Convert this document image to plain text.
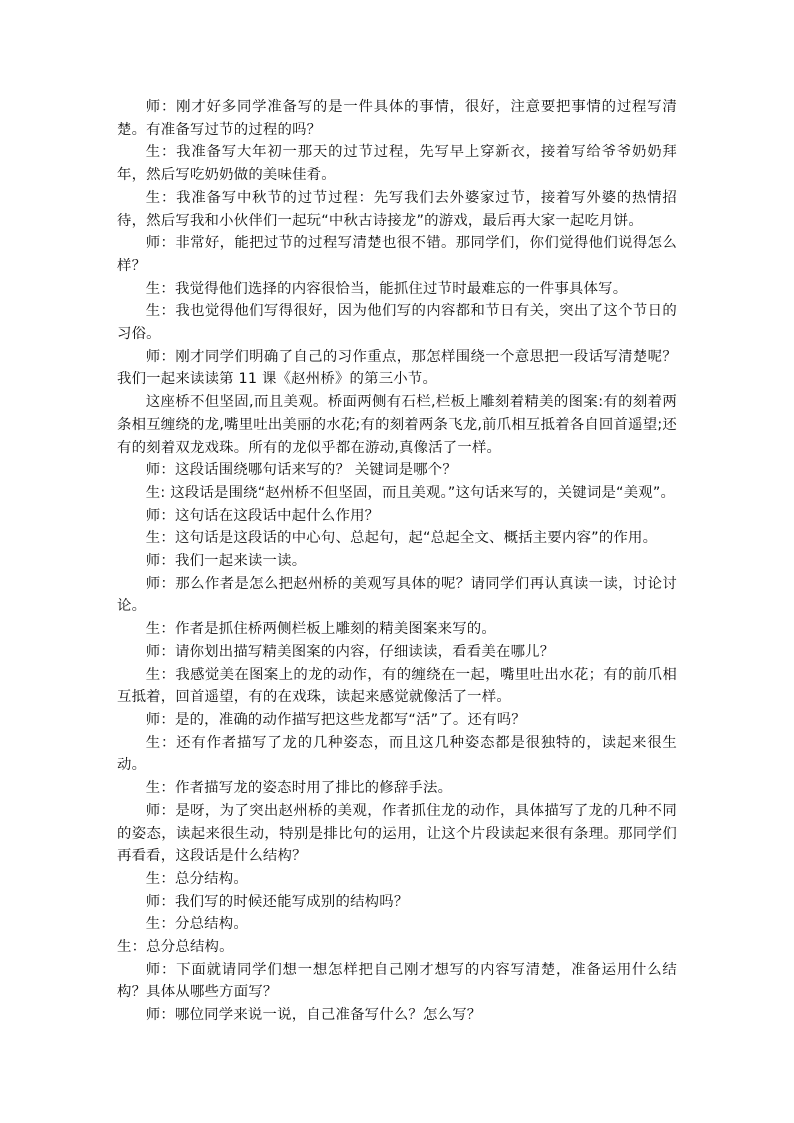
师：刚才好多同学准备写的是一件具体的事情，很好，注意要把事情的过程写清楚。有准备写过节的过程的吗？

生：我准备写大年初一那天的过节过程，先写早上穿新衣，接着写给爷爷奶奶拜年，然后写吃奶奶做的美味佳肴。

生：我准备写中秋节的过节过程：先写我们去外婆家过节，接着写外婆的热情招待，然后写我和小伙伴们一起玩“中秋古诗接龙”的游戏，最后再大家一起吃月饼。

师：非常好，能把过节的过程写清楚也很不错。那同学们，你们觉得他们说得怎么样？

生：我觉得他们选择的内容很恰当，能抓住过节时最难忘的一件事具体写。

生：我也觉得他们写得很好，因为他们写的内容都和节日有关，突出了这个节日的习俗。

师：刚才同学们明确了自己的习作重点，那怎样围绕一个意思把一段话写清楚呢？我们一起来读读第 11 课《赵州桥》的第三小节。

这座桥不但坚固,而且美观。桥面两侧有石栏,栏板上雕刻着精美的图案:有的刻着两条相互缠绕的龙,嘴里吐出美丽的水花;有的刻着两条飞龙,前爪相互抵着各自回首遥望;还有的刻着双龙戏珠。所有的龙似乎都在游动,真像活了一样。

师：这段话围绕哪句话来写的？ 关键词是哪个？

生: 这段话是围绕“赵州桥不但坚固，而且美观。”这句话来写的，关键词是“美观”。

师：这句话在这段话中起什么作用？

生：这句话是这段话的中心句、总起句，起“总起全文、概括主要内容”的作用。

师：我们一起来读一读。

师：那么作者是怎么把赵州桥的美观写具体的呢？请同学们再认真读一读，讨论讨论。

生：作者是抓住桥两侧栏板上雕刻的精美图案来写的。

师：请你划出描写精美图案的内容，仔细读读，看看美在哪儿？

生：我感觉美在图案上的龙的动作，有的缠绕在一起，嘴里吐出水花；有的前爪相互抵着，回首遥望，有的在戏珠，读起来感觉就像活了一样。

师：是的，准确的动作描写把这些龙都写“活”了。还有吗？

生：还有作者描写了龙的几种姿态，而且这几种姿态都是很独特的，读起来很生动。

生：作者描写龙的姿态时用了排比的修辞手法。

师：是呀，为了突出赵州桥的美观，作者抓住龙的动作，具体描写了龙的几种不同的姿态，读起来很生动，特别是排比句的运用，让这个片段读起来很有条理。那同学们再看看，这段话是什么结构？

生：总分结构。

师：我们写的时候还能写成别的结构吗？

生：分总结构。

生：总分总结构。

师：下面就请同学们想一想怎样把自己刚才想写的内容写清楚，准备运用什么结构？具体从哪些方面写？

师：哪位同学来说一说，自己准备写什么？怎么写？
